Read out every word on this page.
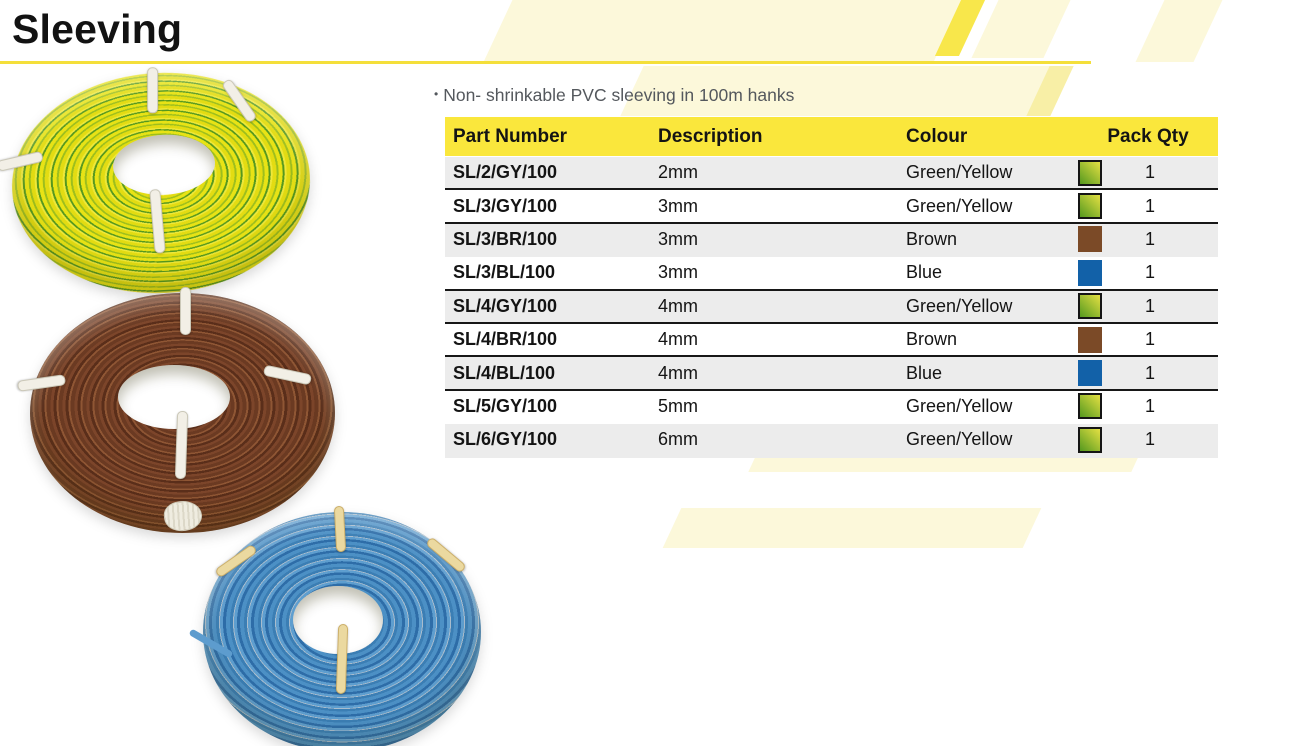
Sleeving
• Non- shrinkable PVC sleeving in 100m hanks
Part Number	Description	Colour	Pack Qty
SL/2/GY/100	2mm	Green/Yellow	1
SL/3/GY/100	3mm	Green/Yellow	1
SL/3/BR/100	3mm	Brown	1
SL/3/BL/100	3mm	Blue	1
SL/4/GY/100	4mm	Green/Yellow	1
SL/4/BR/100	4mm	Brown	1
SL/4/BL/100	4mm	Blue	1
SL/5/GY/100	5mm	Green/Yellow	1
SL/6/GY/100	6mm	Green/Yellow	1
